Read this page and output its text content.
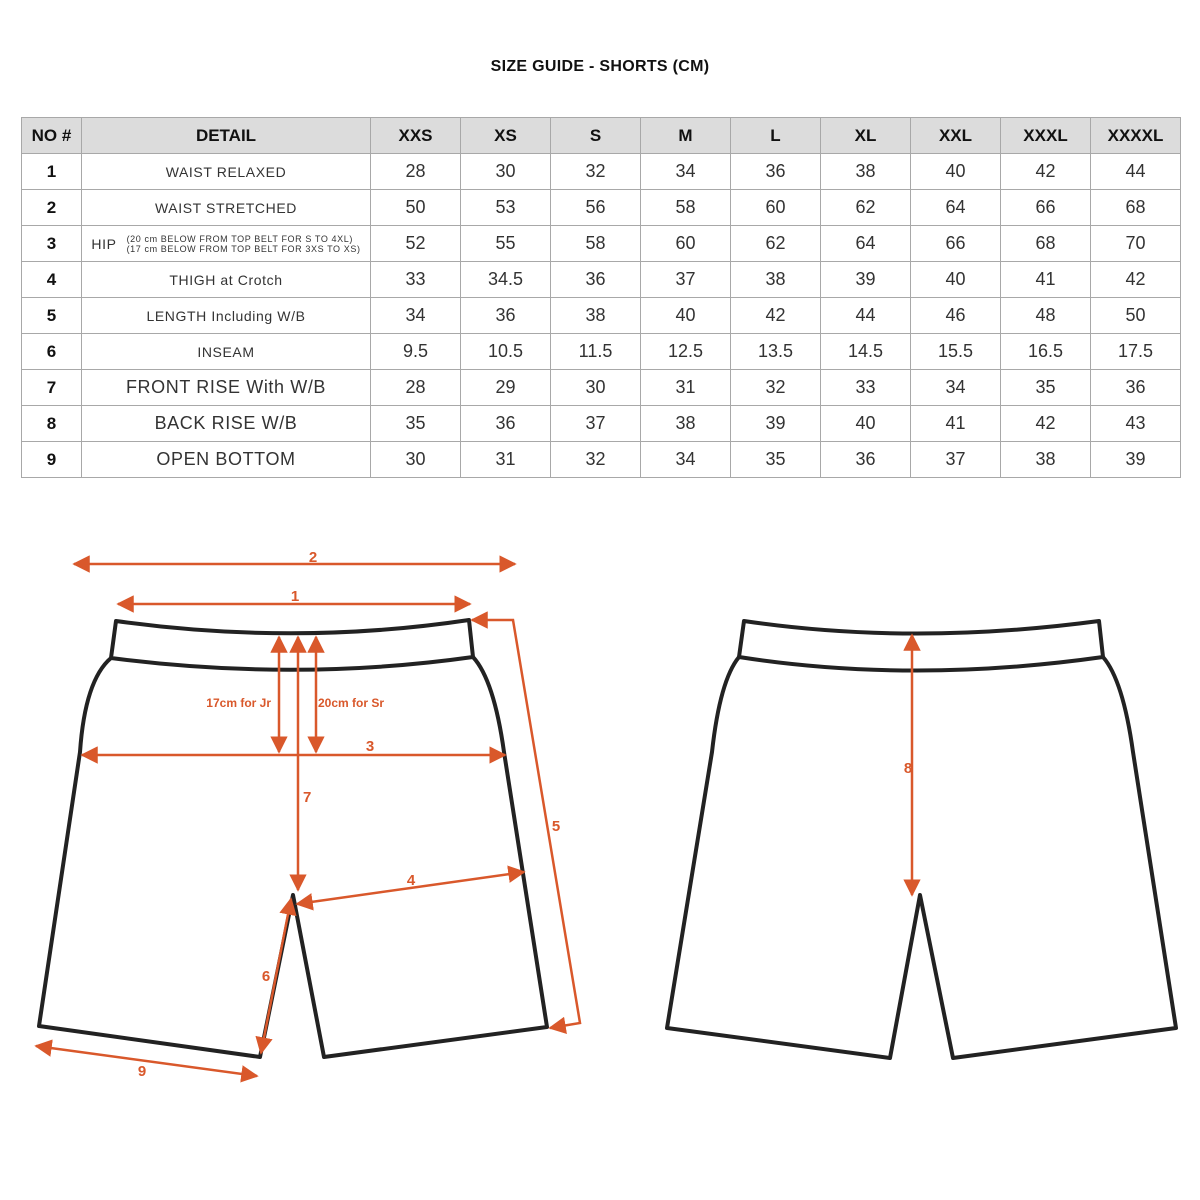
SIZE GUIDE - SHORTS (CM)
NO #	DETAIL	XXS	XS	S	M	L	XL	XXL	XXXL	XXXXL
1	WAIST RELAXED	28	30	32	34	36	38	40	42	44
2	WAIST STRETCHED	50	53	56	58	60	62	64	66	68
3	HIP (20 cm BELOW FROM TOP BELT FOR S TO 4XL)
(17 cm BELOW FROM TOP BELT FOR 3XS TO XS)	52	55	58	60	62	64	66	68	70
4	THIGH at Crotch	33	34.5	36	37	38	39	40	41	42
5	LENGTH Including W/B	34	36	38	40	42	44	46	48	50
6	INSEAM	9.5	10.5	11.5	12.5	13.5	14.5	15.5	16.5	17.5
7	FRONT RISE With W/B	28	29	30	31	32	33	34	35	36
8	BACK RISE W/B	35	36	37	38	39	40	41	42	43
9	OPEN BOTTOM	30	31	32	34	35	36	37	38	39
2
1
17cm for Jr	20cm for Sr
3
7
5
4
6
9
8
